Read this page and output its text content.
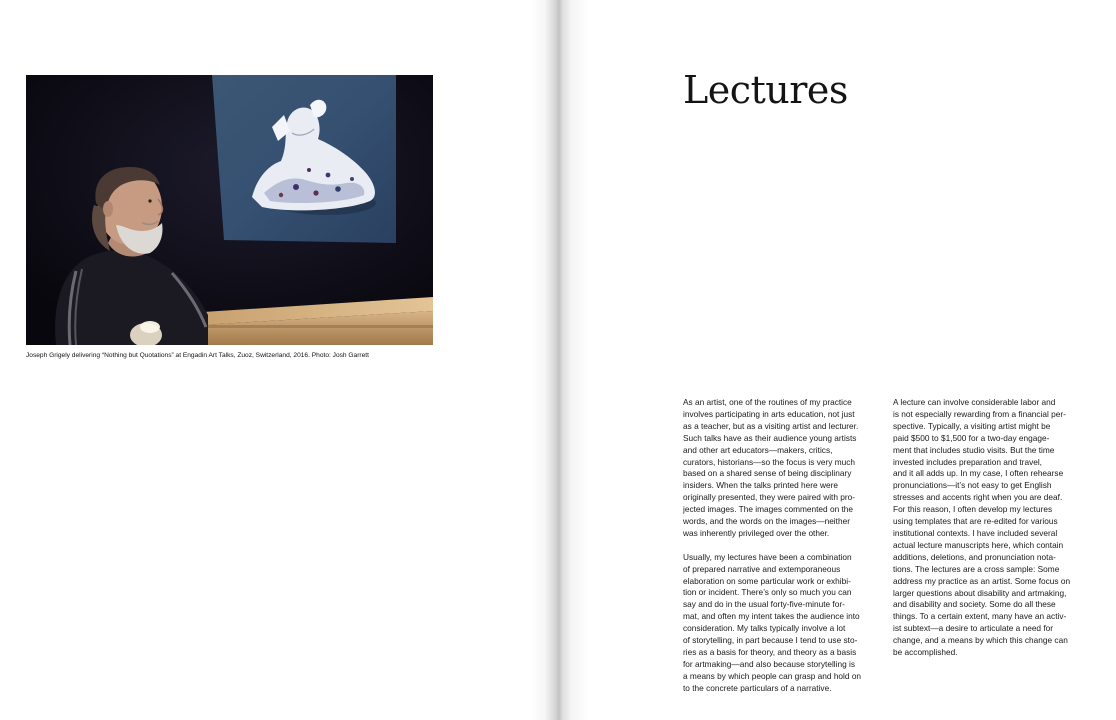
Joseph Grigely delivering “Nothing but Quotations” at Engadin Art Talks, Zuoz, Switzerland, 2016. Photo: Josh Garrett
Lectures

As an artist, one of the routines of my practice
involves participating in arts education, not just
as a teacher, but as a visiting artist and lecturer.
Such talks have as their audience young artists
and other art educators—makers, critics,
curators, historians—so the focus is very much
based on a shared sense of being disciplinary
insiders. When the talks printed here were
originally presented, they were paired with pro-
jected images. The images commented on the
words, and the words on the images—neither
was inherently privileged over the other.

Usually, my lectures have been a combination
of prepared narrative and extemporaneous
elaboration on some particular work or exhibi-
tion or incident. There’s only so much you can
say and do in the usual forty-five-minute for-
mat, and often my intent takes the audience into
consideration. My talks typically involve a lot
of storytelling, in part because I tend to use sto-
ries as a basis for theory, and theory as a basis
for artmaking—and also because storytelling is
a means by which people can grasp and hold on
to the concrete particulars of a narrative.

A lecture can involve considerable labor and
is not especially rewarding from a financial per-
spective. Typically, a visiting artist might be
paid $500 to $1,500 for a two-day engage-
ment that includes studio visits. But the time
invested includes preparation and travel,
and it all adds up. In my case, I often rehearse
pronunciations—it’s not easy to get English
stresses and accents right when you are deaf.
For this reason, I often develop my lectures
using templates that are re-edited for various
institutional contexts. I have included several
actual lecture manuscripts here, which contain
additions, deletions, and pronunciation nota-
tions. The lectures are a cross sample: Some
address my practice as an artist. Some focus on
larger questions about disability and artmaking,
and disability and society. Some do all these
things. To a certain extent, many have an activ-
ist subtext—a desire to articulate a need for
change, and a means by which this change can
be accomplished.
